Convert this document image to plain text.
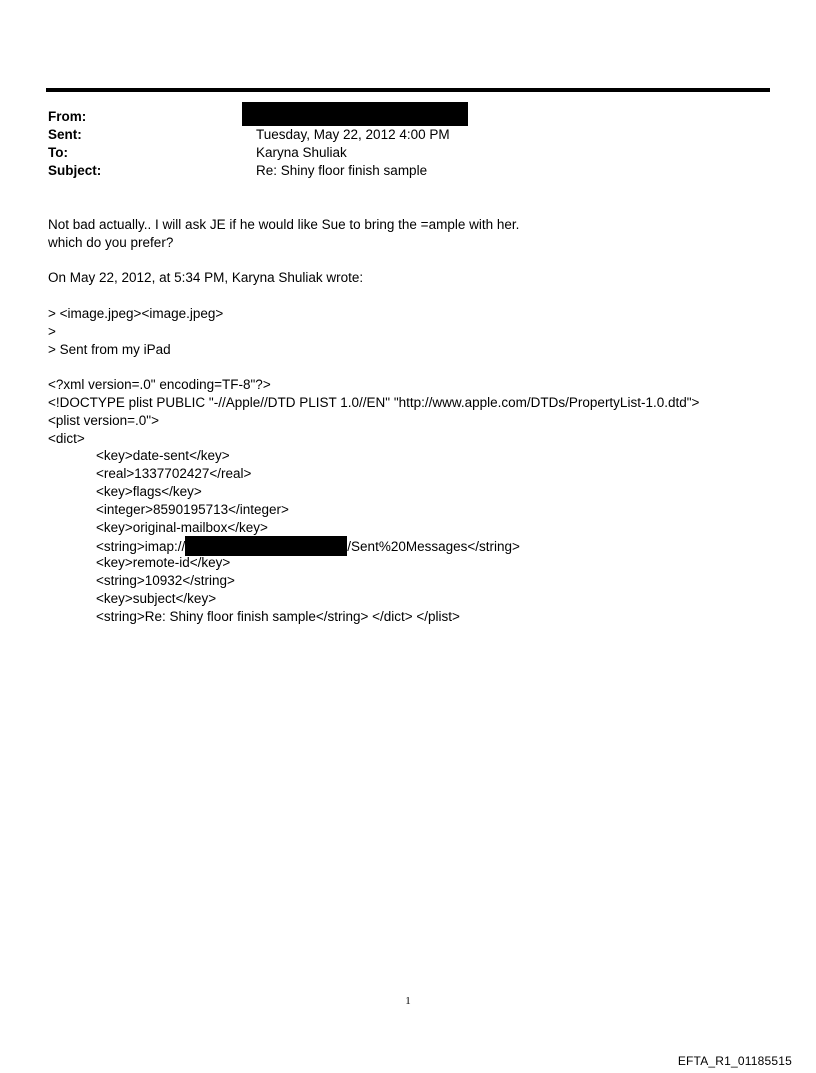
From:
Sent:	Tuesday, May 22, 2012 4:00 PM
To:	Karyna Shuliak
Subject:	Re: Shiny floor finish sample
Not bad actually.. I will ask JE if he would like Sue to bring the =ample with her.
which do you prefer?
On May 22, 2012, at 5:34 PM, Karyna Shuliak wrote:
> <image.jpeg><image.jpeg>
>
> Sent from my iPad
<?xml version=.0" encoding=TF-8"?>
<!DOCTYPE plist PUBLIC "-//Apple//DTD PLIST 1.0//EN" "http://www.apple.com/DTDs/PropertyList-1.0.dtd">
<plist version=.0">
<dict>
<key>date-sent</key>
<real>1337702427</real>
<key>flags</key>
<integer>8590195713</integer>
<key>original-mailbox</key>
<string>imap://	/Sent%20Messages</string>
<key>remote-id</key>
<string>10932</string>
<key>subject</key>
<string>Re: Shiny floor finish sample</string> </dict> </plist>
1
EFTA_R1_01185515
